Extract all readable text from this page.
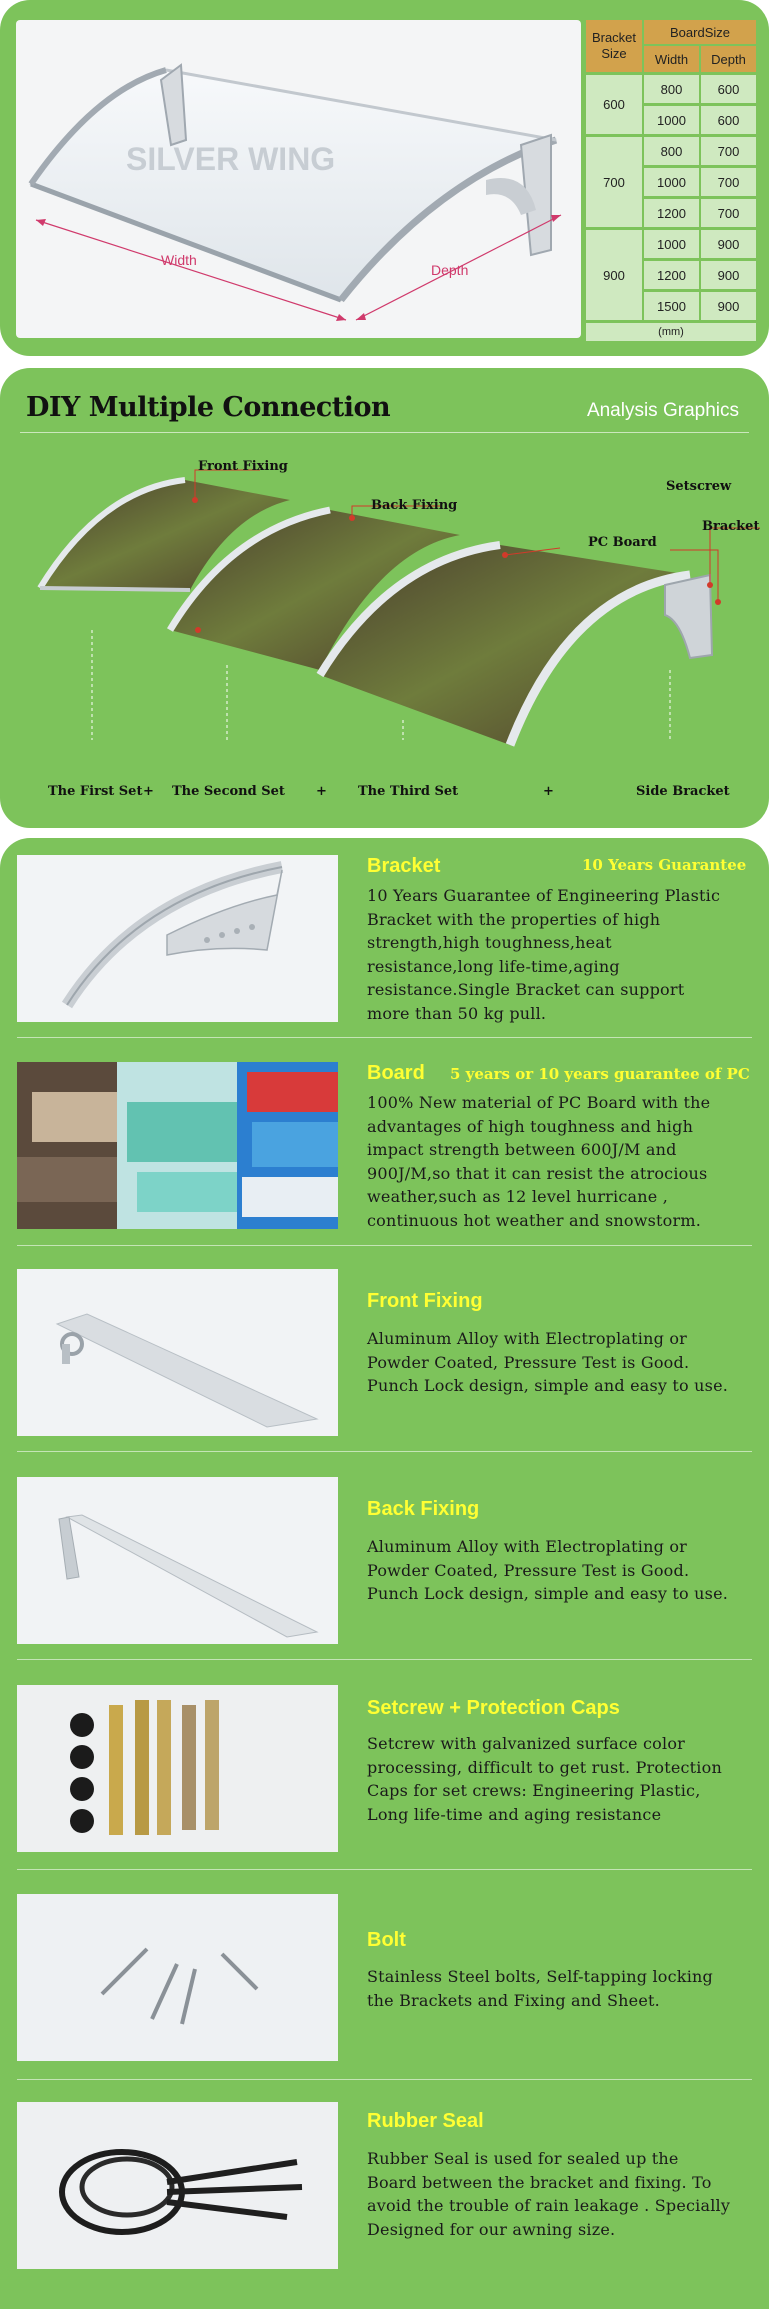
SILVER WING
Width
Depth
Bracket Size
BoardSize
Width	Depth
600
800	600
1000	600
700
800	700
1000	700
1200	700
900
1000	900
1200	900
1500	900
(mm)
DIY Multiple Connection	Analysis Graphics
Front Fixing
Back Fixing
PC Board
Setscrew
Bracket
The First Set + The Second Set + The Third Set	+	Side Bracket
Bracket	10 Years Guarantee
10 Years Guarantee of Engineering Plastic Bracket with the properties of high strength,high toughness,heat resistance,long life-time,aging resistance.Single Bracket can support more than 50 kg pull.
Board 5 years or 10 years guarantee of PC
100% New material of PC Board with the advantages of high toughness and high impact strength between 600J/M and 900J/M,so that it can resist the atrocious weather,such as 12 level hurricane , continuous hot weather and snowstorm.
Front Fixing
Aluminum Alloy with Electroplating or Powder Coated, Pressure Test is Good. Punch Lock design, simple and easy to use.
Back Fixing
Aluminum Alloy with Electroplating or Powder Coated, Pressure Test is Good. Punch Lock design, simple and easy to use.
Setcrew + Protection Caps
Setcrew with galvanized surface color processing, difficult to get rust. Protection Caps for set crews: Engineering Plastic, Long life-time and aging resistance
Bolt
Stainless Steel bolts, Self-tapping locking the Brackets and Fixing and Sheet.
Rubber Seal
Rubber Seal is used for sealed up the Board between the bracket and fixing. To avoid the trouble of rain leakage . Specially Designed for our awning size.
